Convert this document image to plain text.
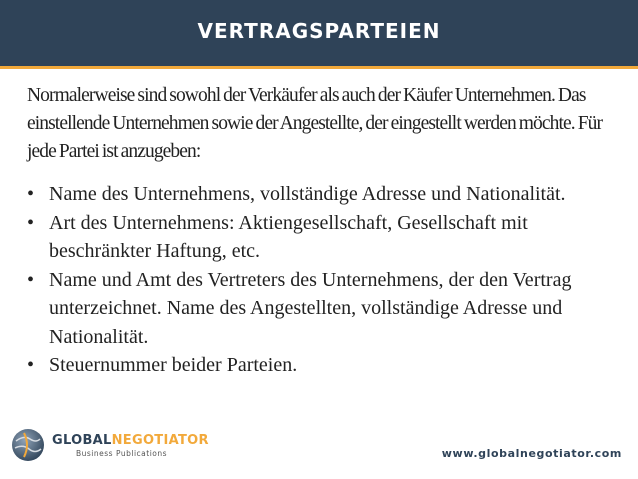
VERTRAGSPARTEIEN
Normalerweise sind sowohl der Verkäufer als auch der Käufer Unternehmen. Das einstellende Unternehmen sowie der Angestellte, der eingestellt werden möchte. Für jede Partei ist anzugeben:
• Name des Unternehmens, vollständige Adresse und Nationalität.
• Art des Unternehmens: Aktiengesellschaft, Gesellschaft mit beschränkter Haftung, etc.
• Name und Amt des Vertreters des Unternehmens, der den Vertrag unterzeichnet. Name des Angestellten, vollständige Adresse und Nationalität.
• Steuernummer beider Parteien.
GLOBALNEGOTIATOR
Business Publications	www.globalnegotiator.com
